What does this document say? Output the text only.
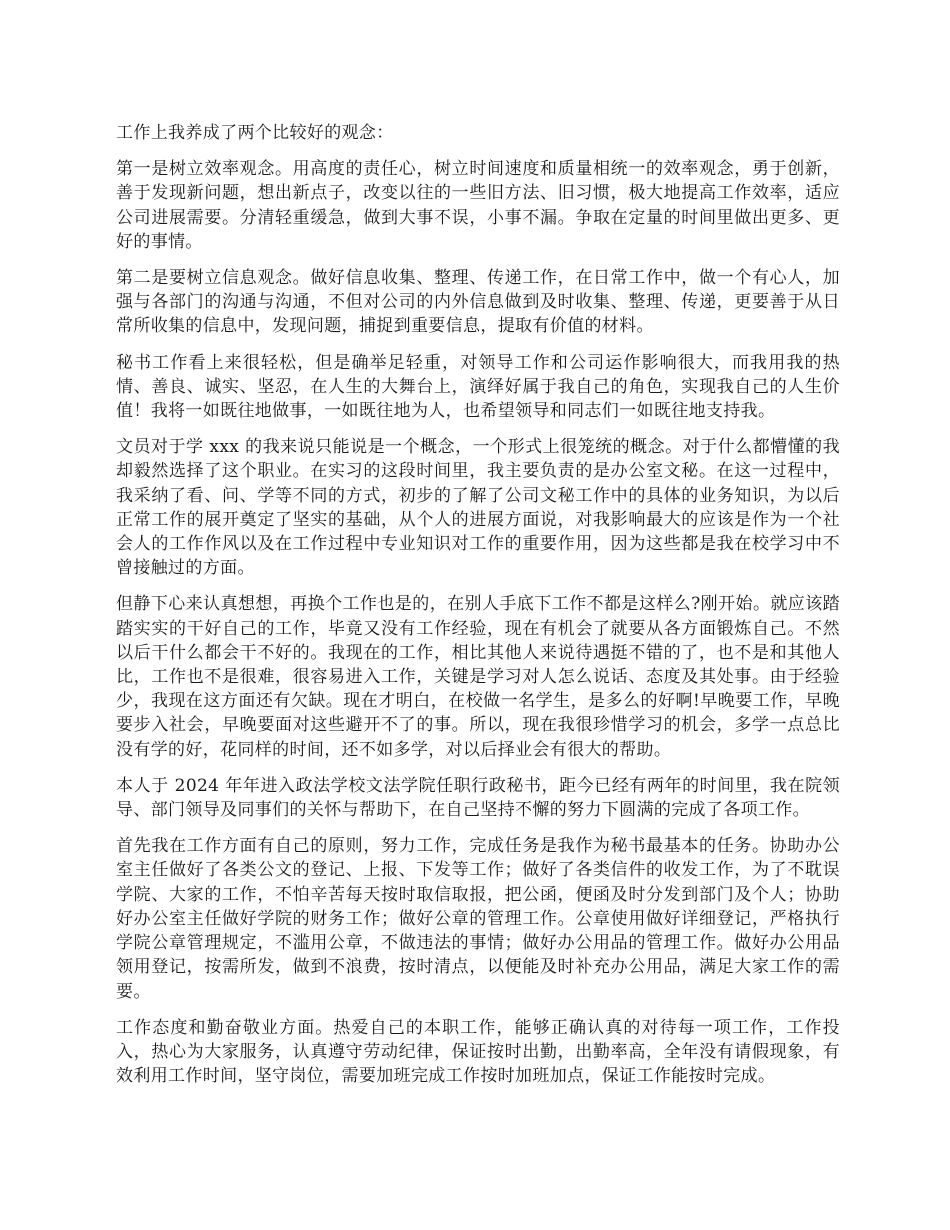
工作上我养成了两个比较好的观念：

第一是树立效率观念。用高度的责任心，树立时间速度和质量相统一的效率观念，勇于创新，善于发现新问题，想出新点子，改变以往的一些旧方法、旧习惯，极大地提高工作效率，适应公司进展需要。分清轻重缓急，做到大事不误，小事不漏。争取在定量的时间里做出更多、更好的事情。

第二是要树立信息观念。做好信息收集、整理、传递工作，在日常工作中，做一个有心人，加强与各部门的沟通与沟通，不但对公司的内外信息做到及时收集、整理、传递，更要善于从日常所收集的信息中，发现问题，捕捉到重要信息，提取有价值的材料。

秘书工作看上来很轻松，但是确举足轻重，对领导工作和公司运作影响很大，而我用我的热情、善良、诚实、坚忍，在人生的大舞台上，演绎好属于我自己的角色，实现我自己的人生价值！我将一如既往地做事，一如既往地为人，也希望领导和同志们一如既往地支持我。

文员对于学 xxx 的我来说只能说是一个概念，一个形式上很笼统的概念。对于什么都懵懂的我却毅然选择了这个职业。在实习的这段时间里，我主要负责的是办公室文秘。在这一过程中，我采纳了看、问、学等不同的方式，初步的了解了公司文秘工作中的具体的业务知识，为以后正常工作的展开奠定了坚实的基础，从个人的进展方面说，对我影响最大的应该是作为一个社会人的工作作风以及在工作过程中专业知识对工作的重要作用，因为这些都是我在校学习中不曾接触过的方面。

但静下心来认真想想，再换个工作也是的，在别人手底下工作不都是这样么?刚开始。就应该踏踏实实的干好自己的工作，毕竟又没有工作经验，现在有机会了就要从各方面锻炼自己。不然以后干什么都会干不好的。我现在的工作，相比其他人来说待遇挺不错的了，也不是和其他人比，工作也不是很难，很容易进入工作，关键是学习对人怎么说话、态度及其处事。由于经验少，我现在这方面还有欠缺。现在才明白，在校做一名学生，是多么的好啊!早晚要工作，早晚要步入社会，早晚要面对这些避开不了的事。所以，现在我很珍惜学习的机会，多学一点总比没有学的好，花同样的时间，还不如多学，对以后择业会有很大的帮助。

本人于 2024 年年进入政法学校文法学院任职行政秘书，距今已经有两年的时间里，我在院领导、部门领导及同事们的关怀与帮助下，在自己坚持不懈的努力下圆满的完成了各项工作。

首先我在工作方面有自己的原则，努力工作，完成任务是我作为秘书最基本的任务。协助办公室主任做好了各类公文的登记、上报、下发等工作；做好了各类信件的收发工作，为了不耽误学院、大家的工作，不怕辛苦每天按时取信取报，把公函，便函及时分发到部门及个人；协助好办公室主任做好学院的财务工作；做好公章的管理工作。公章使用做好详细登记，严格执行学院公章管理规定，不滥用公章，不做违法的事情；做好办公用品的管理工作。做好办公用品领用登记，按需所发，做到不浪费，按时清点，以便能及时补充办公用品，满足大家工作的需要。

工作态度和勤奋敬业方面。热爱自己的本职工作，能够正确认真的对待每一项工作，工作投入，热心为大家服务，认真遵守劳动纪律，保证按时出勤，出勤率高，全年没有请假现象，有效利用工作时间，坚守岗位，需要加班完成工作按时加班加点，保证工作能按时完成。
